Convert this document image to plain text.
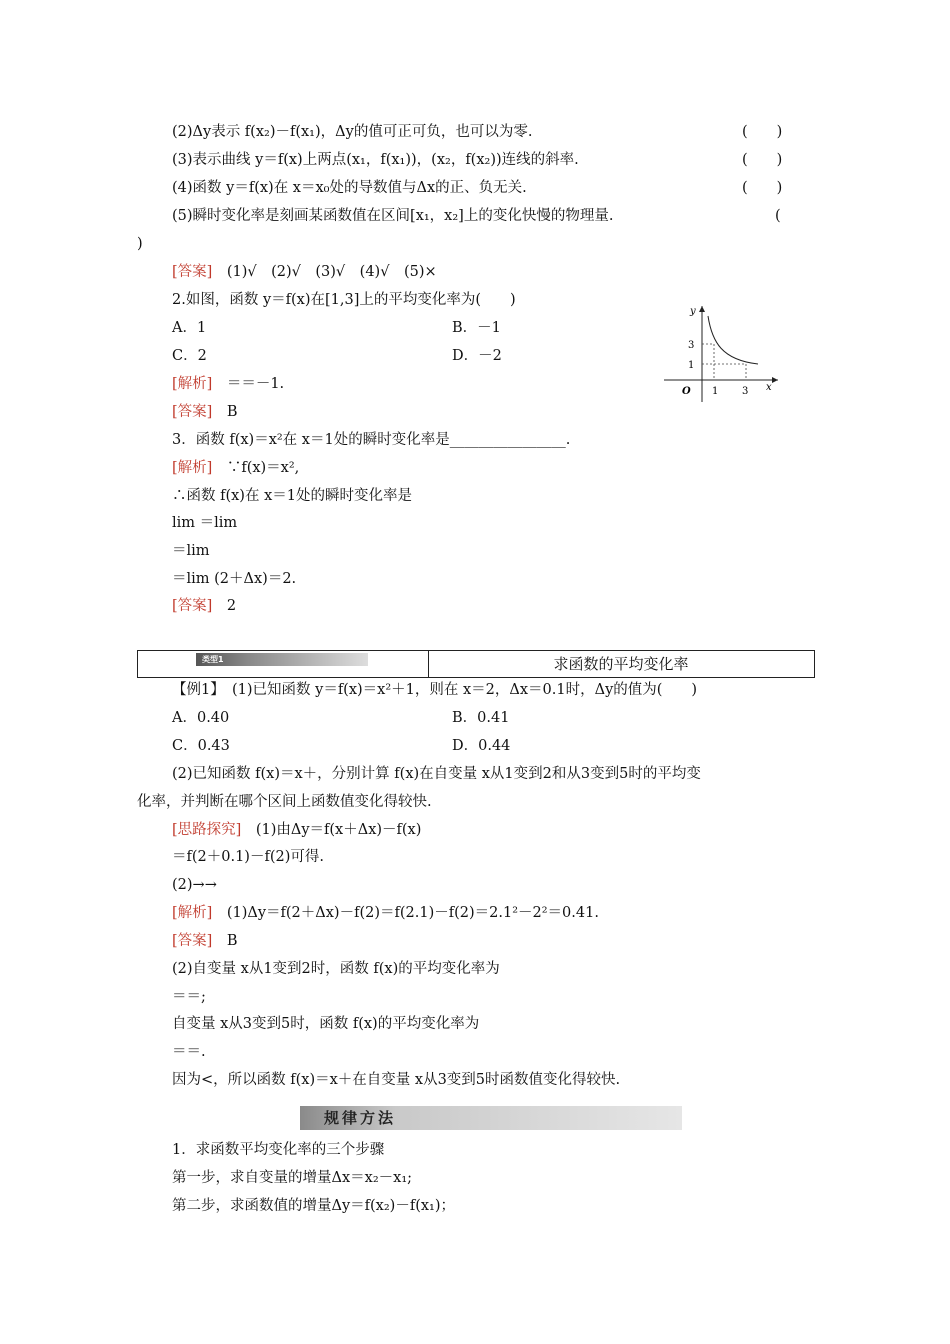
(2)Δy表示 f(x₂)－f(x₁)，Δy的值可正可负，也可以为零.	(　　)
(3)表示曲线 y＝f(x)上两点(x₁，f(x₁))，(x₂，f(x₂))连线的斜率.	(　　)
(4)函数 y＝f(x)在 x＝x₀处的导数值与Δx的正、负无关.	(　　)
(5)瞬时变化率是刻画某函数值在区间[x₁，x₂]上的变化快慢的物理量.	(
)
[答案]　(1)√　(2)√　(3)√　(4)√　(5)×
2.如图，函数 y＝f(x)在[1,3]上的平均变化率为(　　)
A．1	B．－1
C．2	D．－2
[解析]　＝＝－1.
[答案]　B
y
x
O
3
1
1 3
3．函数 f(x)＝x²在 x＝1处的瞬时变化率是________________.
[解析]　∵f(x)＝x²,
∴函数 f(x)在 x＝1处的瞬时变化率是
lim ＝lim
＝lim
＝lim (2＋Δx)＝2.
[答案]　2
类型1	求函数的平均变化率
【例1】　(1)已知函数 y＝f(x)＝x²＋1，则在 x＝2，Δx＝0.1时，Δy的值为(　　)
A．0.40	B．0.41
C．0.43	D．0.44
(2)已知函数 f(x)＝x＋，分别计算 f(x)在自变量 x从1变到2和从3变到5时的平均变
化率，并判断在哪个区间上函数值变化得较快.
[思路探究]　(1)由Δy＝f(x＋Δx)－f(x)
＝f(2＋0.1)－f(2)可得.
(2)→→
[解析]　(1)Δy＝f(2＋Δx)－f(2)＝f(2.1)－f(2)＝2.1²－2²＝0.41.
[答案]　B
(2)自变量 x从1变到2时，函数 f(x)的平均变化率为
＝＝;
自变量 x从3变到5时，函数 f(x)的平均变化率为
＝＝.
因为<，所以函数 f(x)＝x＋在自变量 x从3变到5时函数值变化得较快.
规律方法
1．求函数平均变化率的三个步骤
第一步，求自变量的增量Δx＝x₂－x₁;
第二步，求函数值的增量Δy＝f(x₂)－f(x₁)；
